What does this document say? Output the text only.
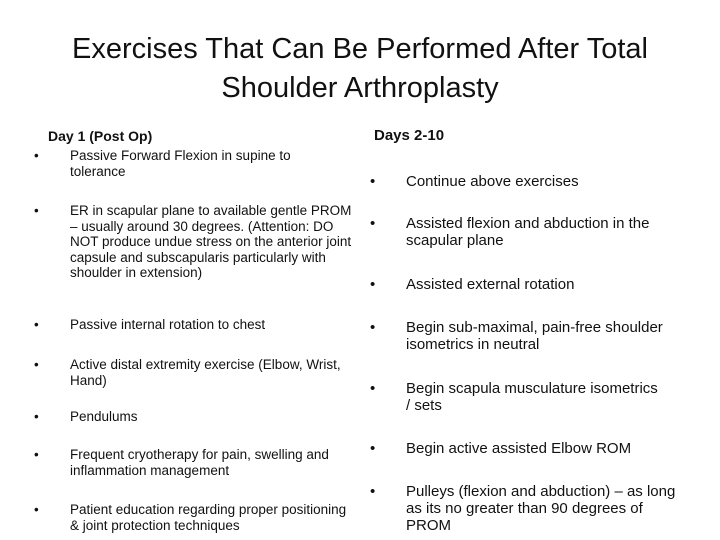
Exercises That Can Be Performed After Total
Shoulder Arthroplasty
Day 1 (Post Op)
•	Passive Forward Flexion in supine to tolerance
•	ER in scapular plane to available gentle PROM – usually around 30 degrees. (Attention: DO NOT produce undue stress on the anterior joint capsule and subscapularis particularly with shoulder in extension)
•	Passive internal rotation to chest
•	Active distal extremity exercise (Elbow, Wrist, Hand)
•	Pendulums
•	Frequent cryotherapy for pain, swelling and inflammation management
•	Patient education regarding proper positioning & joint protection techniques
Days 2-10
•	Continue above exercises
•	Assisted flexion and abduction in the scapular plane
•	Assisted external rotation
•	Begin sub-maximal, pain-free shoulder isometrics in neutral
•	Begin scapula musculature isometrics / sets
•	Begin active assisted Elbow ROM
•	Pulleys (flexion and abduction) – as long as its no greater than 90 degrees of PROM
